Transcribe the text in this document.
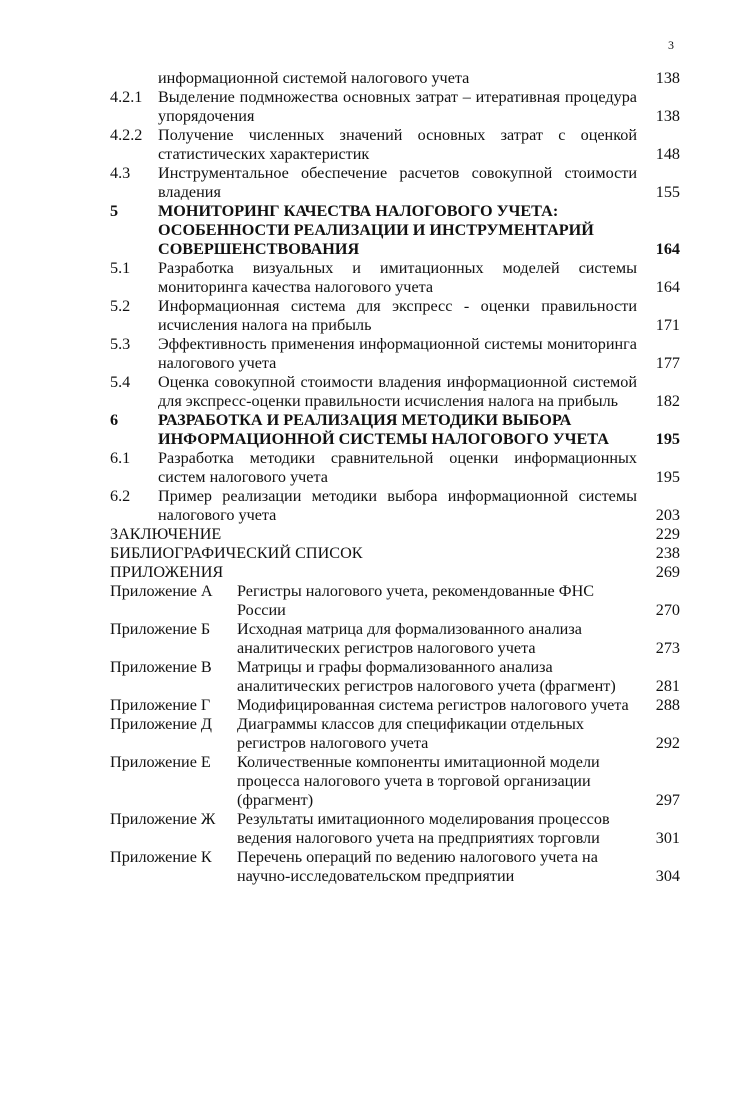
3
информационной системой налогового учета	138
4.2.1 Выделение подмножества основных затрат – итеративная процедура упорядочения	138
4.2.2 Получение численных значений основных затрат с оценкой статистических характеристик	148
4.3	Инструментальное обеспечение расчетов совокупной стоимости владения	155
5	МОНИТОРИНГ КАЧЕСТВА НАЛОГОВОГО УЧЕТА: ОСОБЕННОСТИ РЕАЛИЗАЦИИ И ИНСТРУМЕНТАРИЙ СОВЕРШЕНСТВОВАНИЯ	164
5.1	Разработка визуальных и имитационных моделей системы мониторинга качества налогового учета	164
5.2	Информационная система для экспресс - оценки правильности исчисления налога на прибыль	171
5.3	Эффективность применения информационной системы мониторинга налогового учета	177
5.4	Оценка совокупной стоимости владения информационной системой для экспресс-оценки правильности исчисления налога на прибыль	182
6	РАЗРАБОТКА И РЕАЛИЗАЦИЯ МЕТОДИКИ ВЫБОРА ИНФОРМАЦИОННОЙ СИСТЕМЫ НАЛОГОВОГО УЧЕТА	195
6.1	Разработка методики сравнительной оценки информационных систем налогового учета	195
6.2	Пример реализации методики выбора информационной системы налогового учета	203
ЗАКЛЮЧЕНИЕ	229
БИБЛИОГРАФИЧЕСКИЙ СПИСОК	238
ПРИЛОЖЕНИЯ	269
Приложение А	Регистры налогового учета, рекомендованные ФНС России	270
Приложение Б	Исходная матрица для формализованного анализа аналитических регистров налогового учета	273
Приложение В	Матрицы и графы формализованного анализа аналитических регистров налогового учета (фрагмент)	281
Приложение Г	Модифицированная система регистров налогового учета	288
Приложение Д	Диаграммы классов для спецификации отдельных регистров налогового учета	292
Приложение Е	Количественные компоненты имитационной модели процесса налогового учета в торговой организации (фрагмент)	297
Приложение Ж	Результаты имитационного моделирования процессов ведения налогового учета на предприятиях торговли	301
Приложение К	Перечень операций по ведению налогового учета на научно-исследовательском предприятии	304
